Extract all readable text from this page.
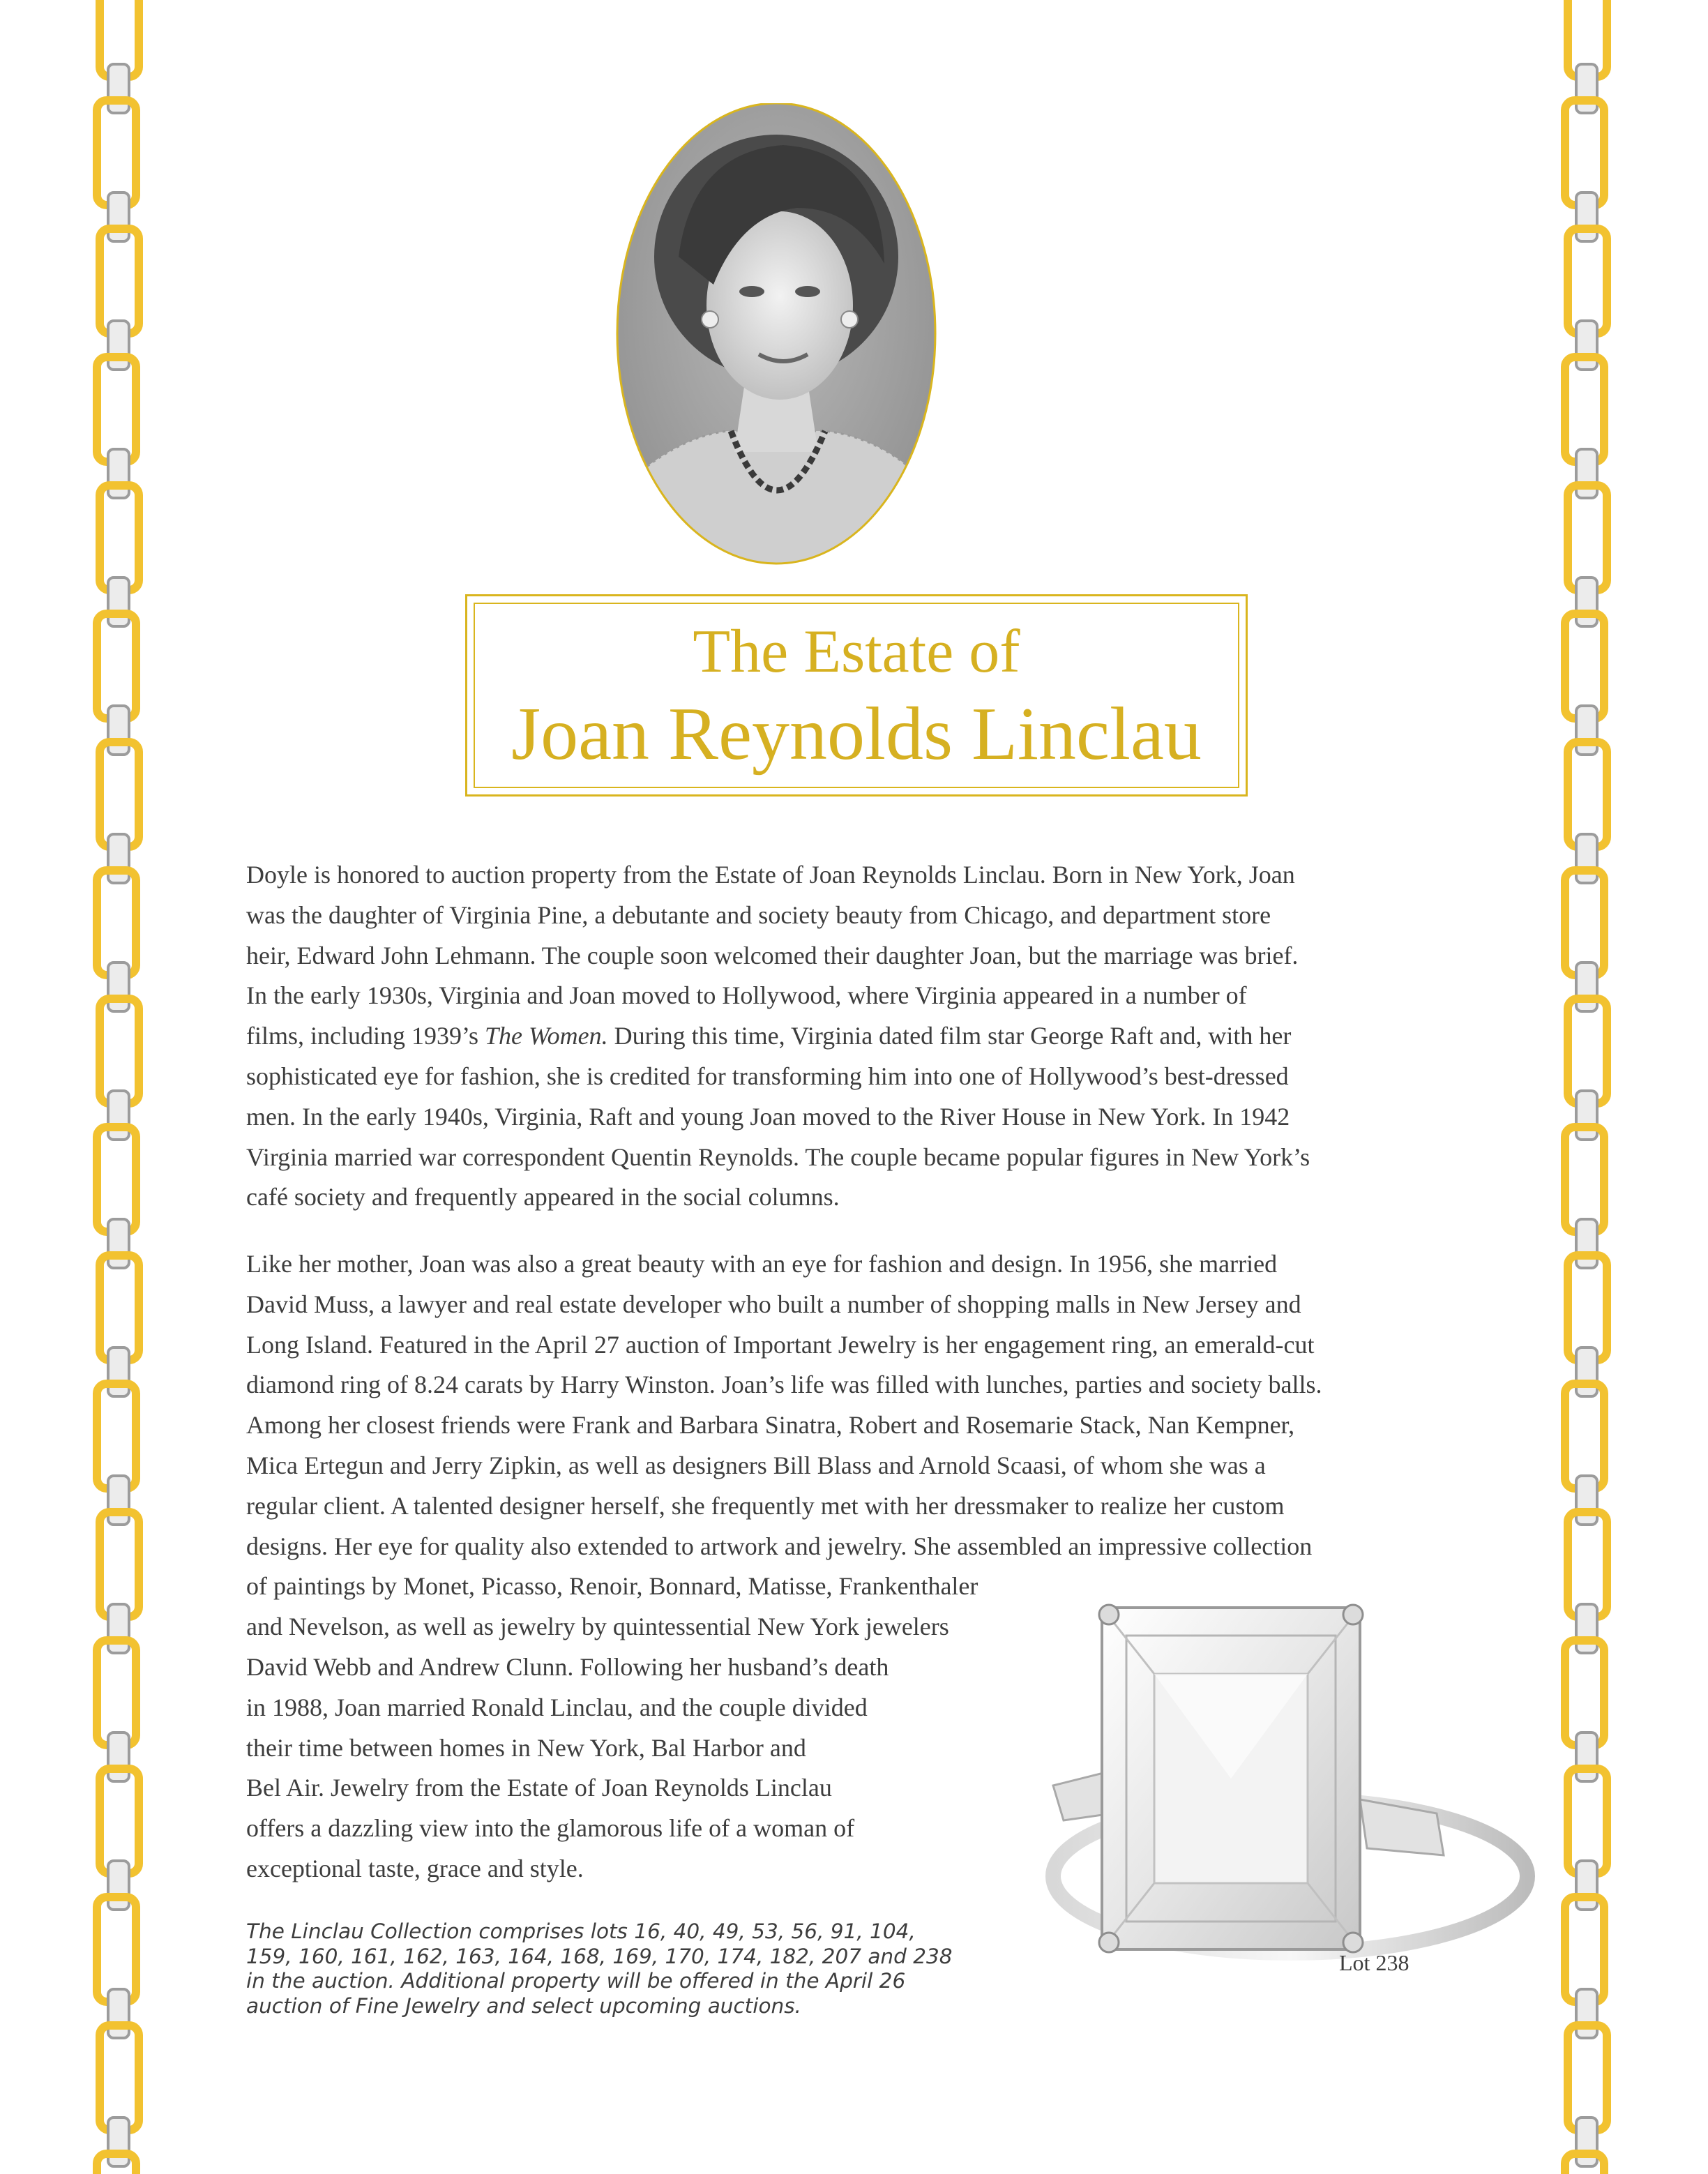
The Estate of
Joan Reynolds Linclau
Doyle is honored to auction property from the Estate of Joan Reynolds Linclau. Born in New York, Joan
was the daughter of Virginia Pine, a debutante and society beauty from Chicago, and department store
heir, Edward John Lehmann. The couple soon welcomed their daughter Joan, but the marriage was brief.
In the early 1930s, Virginia and Joan moved to Hollywood, where Virginia appeared in a number of
films, including 1939’s The Women. During this time, Virginia dated film star George Raft and, with her
sophisticated eye for fashion, she is credited for transforming him into one of Hollywood’s best-dressed
men. In the early 1940s, Virginia, Raft and young Joan moved to the River House in New York. In 1942
Virginia married war correspondent Quentin Reynolds. The couple became popular figures in New York’s
café society and frequently appeared in the social columns.
Like her mother, Joan was also a great beauty with an eye for fashion and design. In 1956, she married
David Muss, a lawyer and real estate developer who built a number of shopping malls in New Jersey and
Long Island. Featured in the April 27 auction of Important Jewelry is her engagement ring, an emerald-cut
diamond ring of 8.24 carats by Harry Winston. Joan’s life was filled with lunches, parties and society balls.
Among her closest friends were Frank and Barbara Sinatra, Robert and Rosemarie Stack, Nan Kempner,
Mica Ertegun and Jerry Zipkin, as well as designers Bill Blass and Arnold Scaasi, of whom she was a
regular client. A talented designer herself, she frequently met with her dressmaker to realize her custom
designs. Her eye for quality also extended to artwork and jewelry. She assembled an impressive collection
of paintings by Monet, Picasso, Renoir, Bonnard, Matisse, Frankenthaler
and Nevelson, as well as jewelry by quintessential New York jewelers
David Webb and Andrew Clunn. Following her husband’s death
in 1988, Joan married Ronald Linclau, and the couple divided
their time between homes in New York, Bal Harbor and
Bel Air. Jewelry from the Estate of Joan Reynolds Linclau
offers a dazzling view into the glamorous life of a woman of
exceptional taste, grace and style.
Lot 238
The Linclau Collection comprises lots 16, 40, 49, 53, 56, 91, 104,
159, 160, 161, 162, 163, 164, 168, 169, 170, 174, 182, 207 and 238
in the auction. Additional property will be offered in the April 26
auction of Fine Jewelry and select upcoming auctions.
